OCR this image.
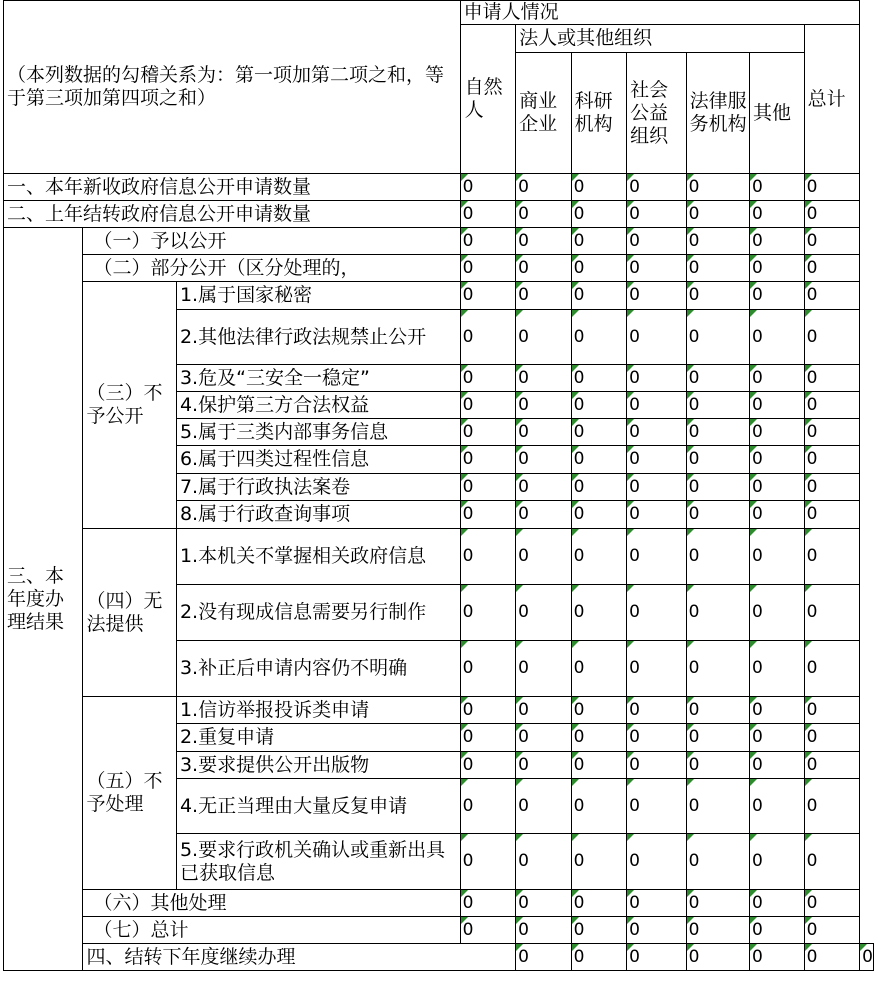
（本列数据的勾稽关系为：第一项加第二项之和，等于第三项加第四项之和）			申请人情况							
			自然人	法人或其他组织					总计	
				商业企业	科研机构	社会公益组织	法律服务机构	其他		
一、本年新收政府信息公开申请数量			0	0	0	0	0	0	0	
二、上年结转政府信息公开申请数量			0	0	0	0	0	0	0	
三、本年度办理结果	（一）予以公开		0	0	0	0	0	0	0	
	（二）部分公开（区分处理的，		0	0	0	0	0	0	0	
	（三）不予公开	1.属于国家秘密	0	0	0	0	0	0	0	
		2.其他法律行政法规禁止公开	0	0	0	0	0	0	0	
		3.危及“三安全一稳定”	0	0	0	0	0	0	0	
		4.保护第三方合法权益	0	0	0	0	0	0	0	
		5.属于三类内部事务信息	0	0	0	0	0	0	0	
		6.属于四类过程性信息	0	0	0	0	0	0	0	
		7.属于行政执法案卷	0	0	0	0	0	0	0	
		8.属于行政查询事项	0	0	0	0	0	0	0	
	（四）无法提供	1.本机关不掌握相关政府信息	0	0	0	0	0	0	0	
		2.没有现成信息需要另行制作	0	0	0	0	0	0	0	
		3.补正后申请内容仍不明确	0	0	0	0	0	0	0	
	（五）不予处理	1.信访举报投诉类申请	0	0	0	0	0	0	0	
		2.重复申请	0	0	0	0	0	0	0	
		3.要求提供公开出版物	0	0	0	0	0	0	0	
		4.无正当理由大量反复申请	0	0	0	0	0	0	0	
		5.要求行政机关确认或重新出具已获取信息	0	0	0	0	0	0	0	
	（六）其他处理		0	0	0	0	0	0	0	
	（七）总计		0	0	0	0	0	0	0	
	四、结转下年度继续办理			0	0	0	0	0	0	0
